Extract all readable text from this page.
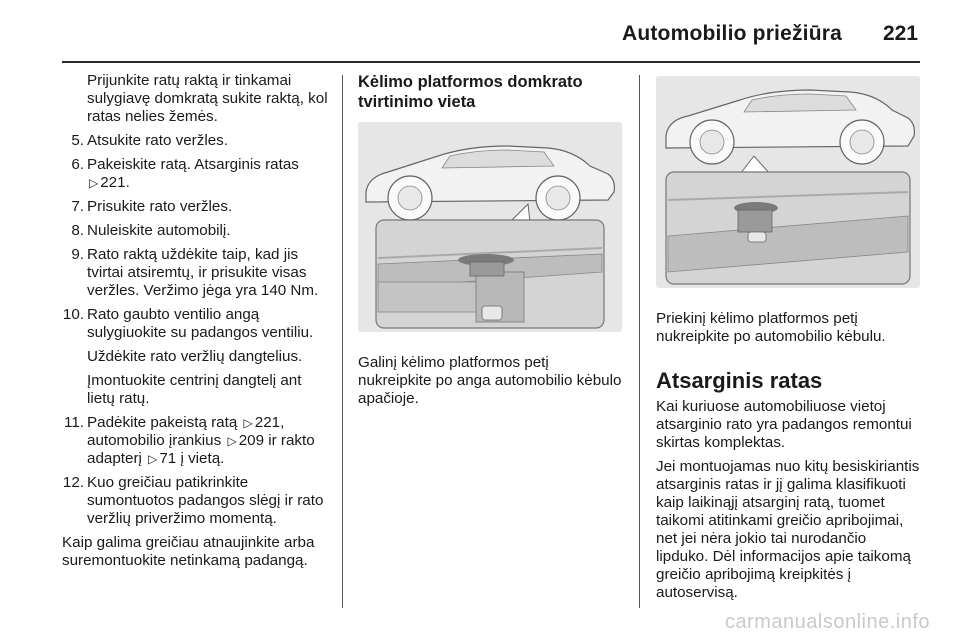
Automobilio priežiūra 221
Prijunkite ratų raktą ir tinkamai sulygiavę domkratą sukite raktą, kol ratas nelies žemės.
5. Atsukite rato veržles.
6. Pakeiskite ratą. Atsarginis ratas
▷ 221.
7. Prisukite rato veržles.
8. Nuleiskite automobilį.
9. Rato raktą uždėkite taip, kad jis tvirtai atsiremtų, ir prisukite visas veržles. Veržimo jėga yra 140 Nm.
10. Rato gaubto ventilio angą sulygiuokite su padangos ventiliu.
Uždėkite rato veržlių dangtelius.
Įmontuokite centrinį dangtelį ant lietų ratų.
11. Padėkite pakeistą ratą ▷ 221, automobilio įrankius ▷ 209 ir rakto adapterį ▷ 71 į vietą.
12. Kuo greičiau patikrinkite sumontuotos padangos slėgį ir rato veržlių priveržimo momentą.
Kaip galima greičiau atnaujinkite arba suremontuokite netinkamą padangą.
Kėlimo platformos domkrato tvirtinimo vieta
Galinį kėlimo platformos petį nukreipkite po anga automobilio kėbulo apačioje.
Priekinį kėlimo platformos petį nukreipkite po automobilio kėbulu.
Atsarginis ratas
Kai kuriuose automobiliuose vietoj atsarginio rato yra padangos remontui skirtas komplektas.
Jei montuojamas nuo kitų besiskiriantis atsarginis ratas ir jį galima klasifikuoti kaip laikinąjį atsarginį ratą, tuomet taikomi atitinkami greičio apribojimai, net jei nėra jokio tai nurodančio lipduko. Dėl informacijos apie taikomą greičio apribojimą kreipkitės į autoservisą.
carmanualsonline.info
